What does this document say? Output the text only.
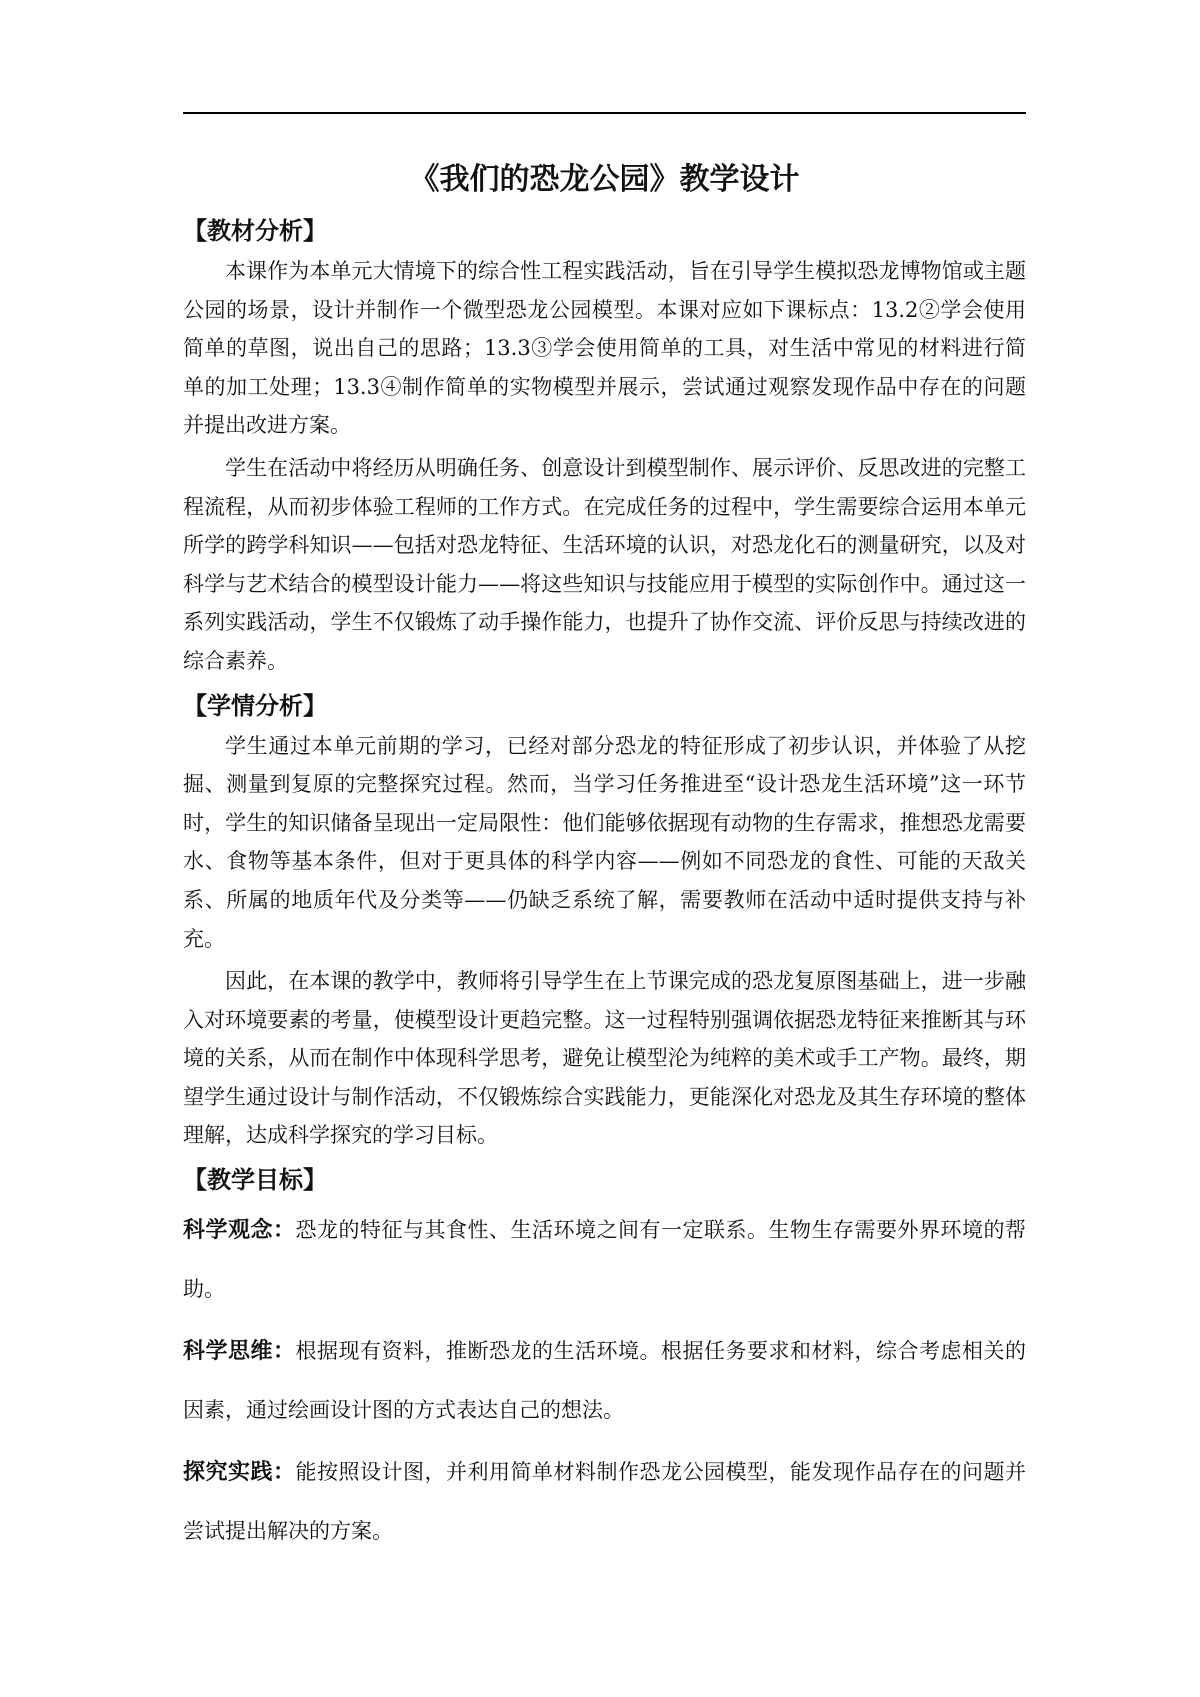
《我们的恐龙公园》教学设计
【教材分析】

本课作为本单元大情境下的综合性工程实践活动，旨在引导学生模拟恐龙博物馆或主题公园的场景，设计并制作一个微型恐龙公园模型。本课对应如下课标点：13.2②学会使用简单的草图，说出自己的思路；13.3③学会使用简单的工具，对生活中常见的材料进行简单的加工处理；13.3④制作简单的实物模型并展示，尝试通过观察发现作品中存在的问题并提出改进方案。

学生在活动中将经历从明确任务、创意设计到模型制作、展示评价、反思改进的完整工程流程，从而初步体验工程师的工作方式。在完成任务的过程中，学生需要综合运用本单元所学的跨学科知识——包括对恐龙特征、生活环境的认识，对恐龙化石的测量研究，以及对科学与艺术结合的模型设计能力——将这些知识与技能应用于模型的实际创作中。通过这一系列实践活动，学生不仅锻炼了动手操作能力，也提升了协作交流、评价反思与持续改进的综合素养。

【学情分析】

学生通过本单元前期的学习，已经对部分恐龙的特征形成了初步认识，并体验了从挖掘、测量到复原的完整探究过程。然而，当学习任务推进至“设计恐龙生活环境”这一环节时，学生的知识储备呈现出一定局限性：他们能够依据现有动物的生存需求，推想恐龙需要水、食物等基本条件，但对于更具体的科学内容——例如不同恐龙的食性、可能的天敌关系、所属的地质年代及分类等——仍缺乏系统了解，需要教师在活动中适时提供支持与补充。

因此，在本课的教学中，教师将引导学生在上节课完成的恐龙复原图基础上，进一步融入对环境要素的考量，使模型设计更趋完整。这一过程特别强调依据恐龙特征来推断其与环境的关系，从而在制作中体现科学思考，避免让模型沦为纯粹的美术或手工产物。最终，期望学生通过设计与制作活动，不仅锻炼综合实践能力，更能深化对恐龙及其生存环境的整体理解，达成科学探究的学习目标。

【教学目标】

科学观念：恐龙的特征与其食性、生活环境之间有一定联系。生物生存需要外界环境的帮助。

科学思维：根据现有资料，推断恐龙的生活环境。根据任务要求和材料，综合考虑相关的因素，通过绘画设计图的方式表达自己的想法。

探究实践：能按照设计图，并利用简单材料制作恐龙公园模型，能发现作品存在的问题并尝试提出解决的方案。
